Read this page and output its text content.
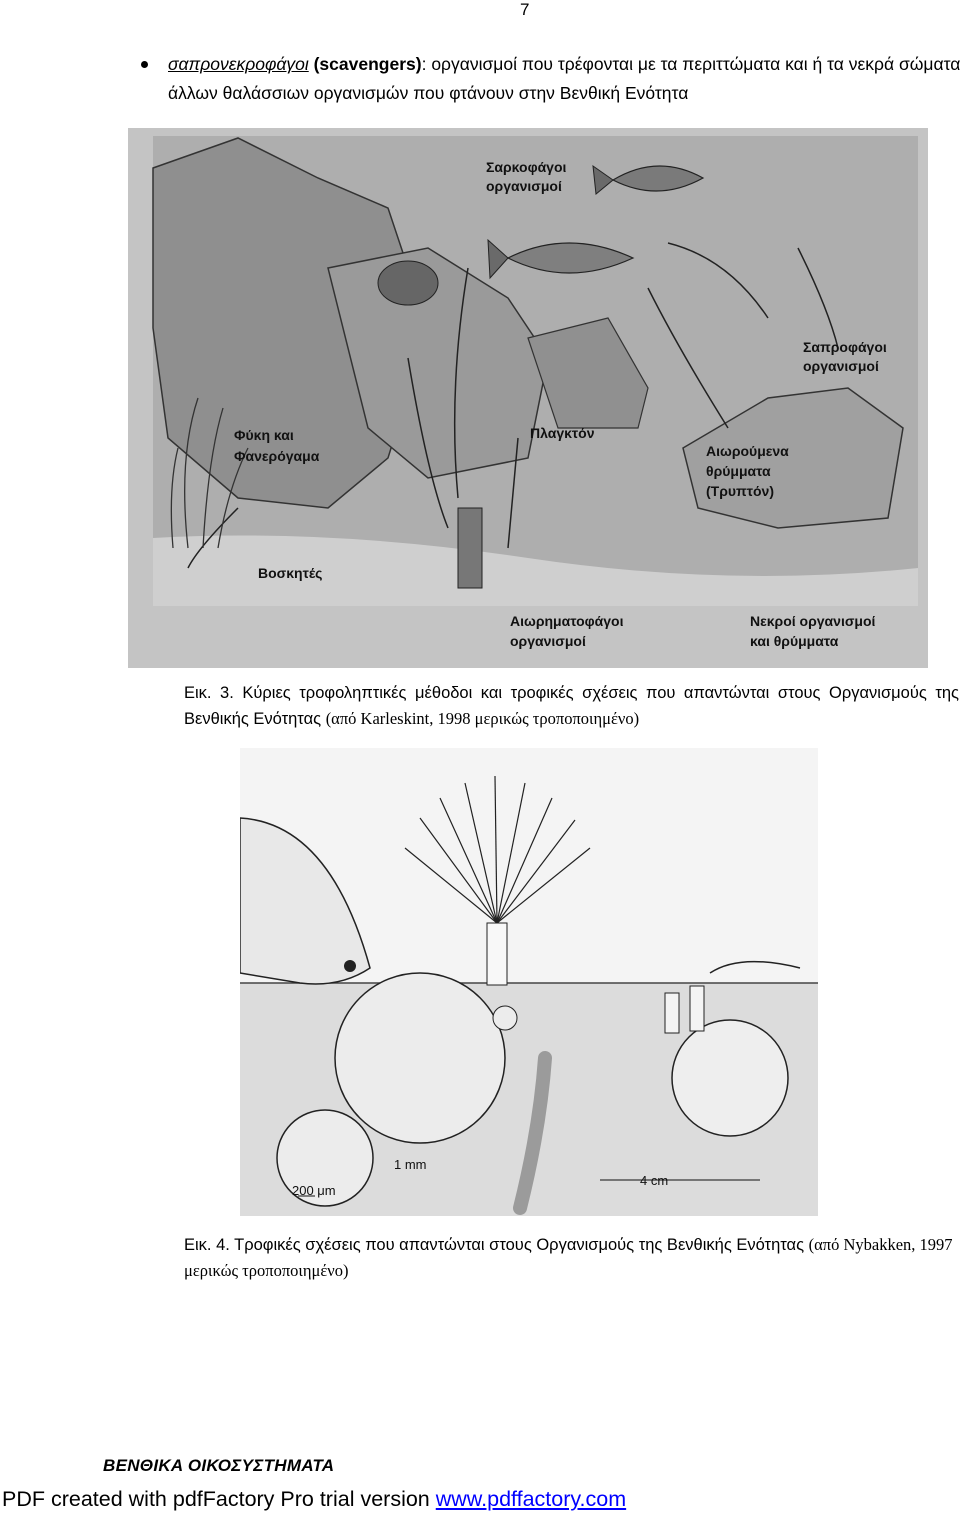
7
σαπρονεκροφάγοι (scavengers): οργανισμοί που τρέφονται με τα περιττώματα και ή τα νεκρά σώματα άλλων θαλάσσιων οργανισμών που φτάνουν στην Βενθική Ενότητα
Σαρκοφάγοι
οργανισμοί
Σαπροφάγοι
οργανισμοί
Φύκη και
Φανερόγαμα
Πλαγκτόν
Αιωρούμενα
θρύμματα
(Τρυπτόν)
Βοσκητές
Αιωρηματοφάγοι
οργανισμοί
Νεκροί οργανισμοί
και θρύμματα
Εικ. 3. Κύριες τροφοληπτικές μέθοδοι και τροφικές σχέσεις που απαντώνται στους Οργανισμούς της Βενθικής Ενότητας (από Karleskint, 1998 μερικώς τροποποιημένο)
200 μm
1 mm
4 cm
Εικ. 4. Τροφικές σχέσεις που απαντώνται στους Οργανισμούς της Βενθικής Ενότητας (από Nybakken, 1997
μερικώς τροποποιημένο)
ΒΕΝΘΙΚΑ ΟΙΚΟΣΥΣΤΗΜΑΤΑ
PDF created with pdfFactory Pro trial version www.pdffactory.com
